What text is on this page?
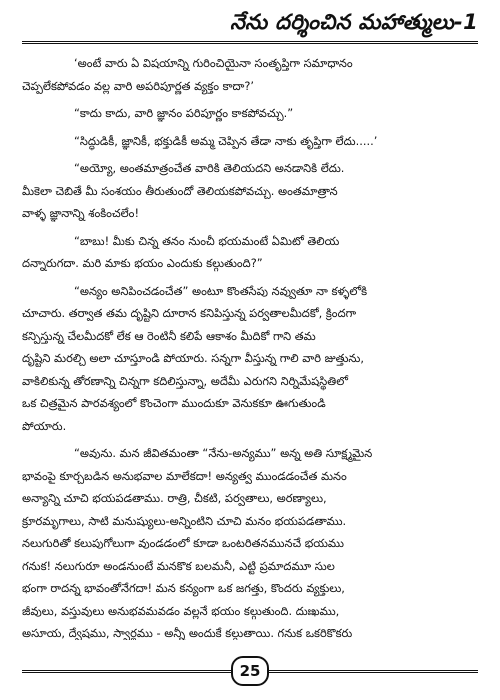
నేను దర్శించిన మహాత్ములు-1
‘అంటే వారు ఏ విషయాన్ని గురించియైనా సంతృప్తిగా సమాధానం
చెప్పలేకపోవడం వల్ల వారి అపరిపూర్ణత వ్యక్తం కాదా?’
“కాదు కాదు, వారి జ్ఞానం పరిపూర్ణం కాకపోవచ్చు.”
“సిద్ధుడికీ, జ్ఞానికీ, భక్తుడికీ అమ్మ చెప్పిన తేడా నాకు తృప్తిగా లేదు.....’
“అయ్యో, అంతమాత్రంచేత వారికి తెలియదని అనడానికి లేదు.
మీకెలా చెబితే మీ సంశయం తీరుతుందో తెలియకపోవచ్చు. అంతమాత్రాన
వాళ్ళ జ్ఞానాన్ని శంకించలేం!
“బాబు! మీకు చిన్న తనం నుంచీ భయమంటే ఏమిటో తెలియ
దన్నారుగదా. మరి మాకు భయం ఎందుకు కల్గుతుంది?”
“అన్యం అనిపించడంచేత” అంటూ కొంతసేపు నవ్వుతూ నా కళ్ళలోకి
చూచారు. తర్వాత తమ దృష్టిని దూరాన కనిపిస్తున్న పర్వతాలమీదకో, క్రిందగా
కన్పిస్తున్న చేలమీదకో లేక ఆ రెంటినీ కలిపే ఆకాశం మీదికో గాని తమ
దృష్టిని మరల్చి అలా చూస్తూండి పోయారు. సన్నగా వీస్తున్న గాలి వారి జుత్తును,
వాకిలికున్న తోరణాన్ని చిన్నగా కదిలిస్తున్నా, అదేమీ ఎరుగని నిర్నిమేషస్థితిలో
ఒక చిత్రమైన పారవశ్యంలో కొంచెంగా ముందుకూ వెనుకకూ ఊగుతుండి
పోయారు.
“అవును. మన జీవితమంతా “నేను-అన్యము” అన్న అతి సూక్ష్మమైన
భావంపై కూర్చబడిన అనుభవాల మాలేకదా! అన్యత్వ ముండడంచేత మనం
అన్యాన్ని చూచి భయపడతాము. రాత్రి, చీకటి, పర్వతాలు, అరణ్యాలు,
క్రూరమృగాలు, సాటి మనుష్యులు-అన్నింటిని చూచి మనం భయపడతాము.
నలుగురితో కలుపుగోలుగా వుండడంలో కూడా ఒంటరితనమునచే భయము
గనుక! నలుగురూ అండనుంటే మనకొక బలమనీ, ఎట్టి ప్రమాదమూ సుల
భంగా రాదన్న భావంతోనేగదా! మన కన్యంగా ఒక జగత్తు, కొందరు వ్యక్తులు,
జీవులు, వస్తువులు అనుభవమవడం వల్లనే భయం కల్గుతుంది. దుఃఖము,
అసూయ, ద్వేషము, స్వార్థము - అన్నీ అందుకే కల్గుతాయి. గనుక ఒకరికొకరు
25
